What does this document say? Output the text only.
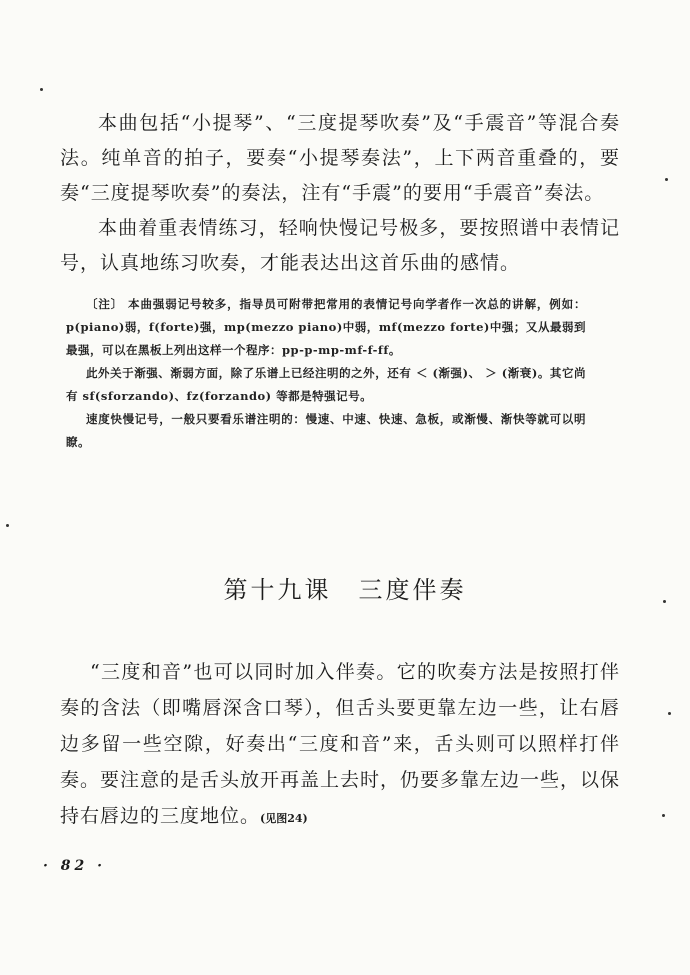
本曲包括“小提琴”、“三度提琴吹奏”及“手震音”等混合奏法。纯单音的拍子，要奏“小提琴奏法”，上下两音重叠的，要奏“三度提琴吹奏”的奏法，注有“手震”的要用“手震音”奏法。

本曲着重表情练习，轻响快慢记号极多，要按照谱中表情记号，认真地练习吹奏，才能表达出这首乐曲的感情。

〔注〕 本曲强弱记号较多，指导员可附带把常用的表情记号向学者作一次总的讲解，例如：p(piano)弱，f(forte)强，mp(mezzo piano)中弱，mf(mezzo forte)中强；又从最弱到最强，可以在黑板上列出这样一个程序：pp-p-mp-mf-f-ff。

此外关于渐强、渐弱方面，除了乐谱上已经注明的之外，还有 ＜ (渐强)、 ＞ (渐衰)。其它尚有 sf(sforzando)、fz(forzando) 等都是特强记号。

速度快慢记号，一般只要看乐谱注明的：慢速、中速、快速、急板，或渐慢、渐快等就可以明瞭。

第十九课　三度伴奏

“三度和音”也可以同时加入伴奏。它的吹奏方法是按照打伴奏的含法（即嘴唇深含口琴），但舌头要更靠左边一些，让右唇边多留一些空隙，好奏出“三度和音”来，舌头则可以照样打伴奏。要注意的是舌头放开再盖上去时，仍要多靠左边一些，以保持右唇边的三度地位。(见图24)

· 82 ·
